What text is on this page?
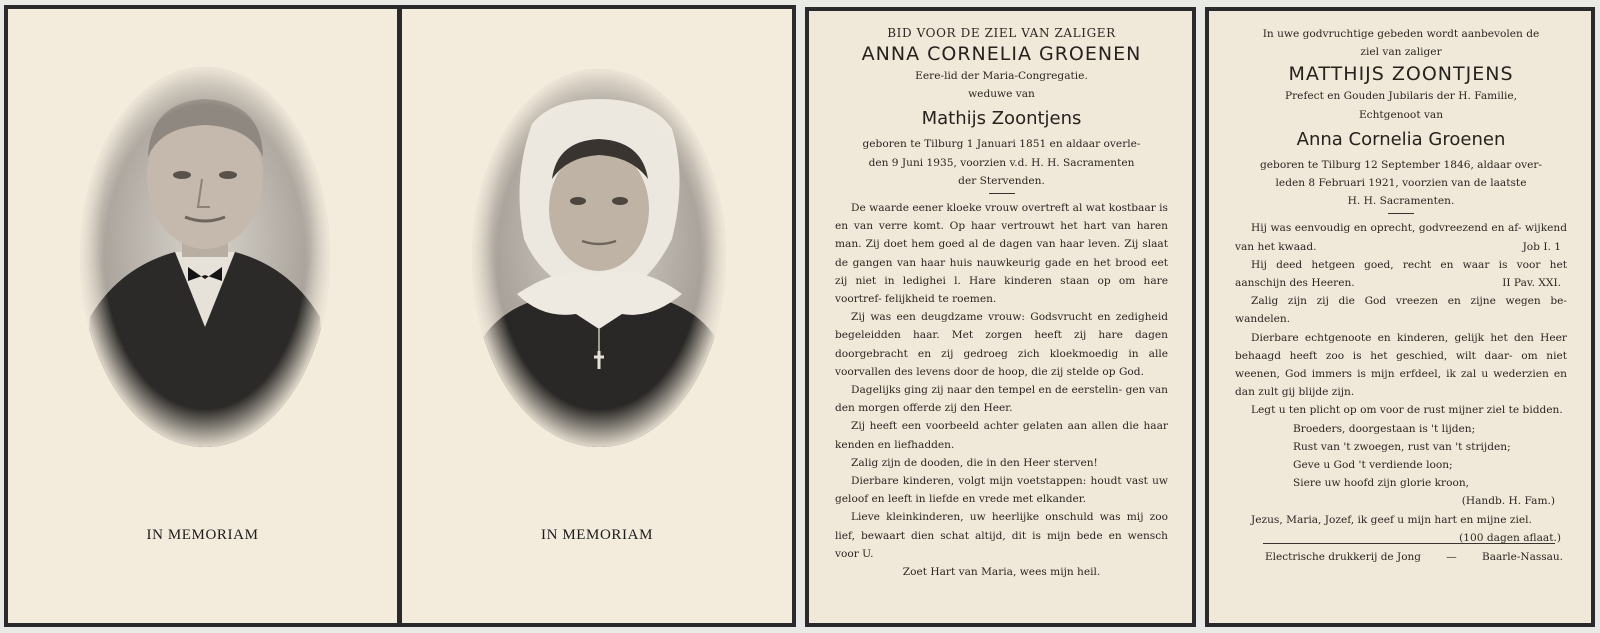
IN MEMORIAM	IN MEMORIAM
BID VOOR DE ZIEL VAN ZALIGER
ANNA CORNELIA GROENEN
Eere-lid der Maria-Congregatie.
weduwe van
Mathijs Zoontjens
geboren te Tilburg 1 Januari 1851 en aldaar overle-
den 9 Juni 1935, voorzien v.d. H. H. Sacramenten
der Stervenden.
De waarde eener kloeke vrouw overtreft al wat kostbaar is en van verre komt. Op haar vertrouwt het hart van haren man. Zij doet hem goed al de dagen van haar leven. Zij slaat de gangen van haar huis nauwkeurig gade en het brood eet zij niet in ledighei l. Hare kinderen staan op om hare voortref- felijkheid te roemen.
Zij was een deugdzame vrouw: Godsvrucht en zedigheid begeleidden haar. Met zorgen heeft zij hare dagen doorgebracht en zij gedroeg zich kloekmoedig in alle voorvallen des levens door de hoop, die zij stelde op God.
Dagelijks ging zij naar den tempel en de eerstelin- gen van den morgen offerde zij den Heer.
Zij heeft een voorbeeld achter gelaten aan allen die haar kenden en liefhadden.
Zalig zijn de dooden, die in den Heer sterven!
Dierbare kinderen, volgt mijn voetstappen: houdt vast uw geloof en leeft in liefde en vrede met elkander.
Lieve kleinkinderen, uw heerlijke onschuld was mij zoo lief, bewaart dien schat altijd, dit is mijn bede en wensch voor U.
Zoet Hart van Maria, wees mijn heil.
In uwe godvruchtige gebeden wordt aanbevolen de
ziel van zaliger
MATTHIJS ZOONTJENS
Prefect en Gouden Jubilaris der H. Familie,
Echtgenoot van
Anna Cornelia Groenen
geboren te Tilburg 12 September 1846, aldaar over-
leden 8 Februari 1921, voorzien van de laatste
H. H. Sacramenten.
Hij was eenvoudig en oprecht, godvreezend en af- wijkend van het kwaad.	Job I. 1
Hij deed hetgeen goed, recht en waar is voor het aanschijn des Heeren.	II Pav. XXI.
Zalig zijn zij die God vreezen en zijne wegen be- wandelen.
Dierbare echtgenoote en kinderen, gelijk het den Heer behaagd heeft zoo is het geschied, wilt daar- om niet weenen, God immers is mijn erfdeel, ik zal u wederzien en dan zult gij blijde zijn.
Legt u ten plicht op om voor de rust mijner ziel te bidden.
Broeders, doorgestaan is 't lijden;
Rust van 't zwoegen, rust van 't strijden;
Geve u God 't verdiende loon;
Siere uw hoofd zijn glorie kroon,
(Handb. H. Fam.)
Jezus, Maria, Jozef, ik geef u mijn hart en mijne ziel.
(100 dagen aflaat.)
Electrische drukkerij de Jong — Baarle-Nassau.
